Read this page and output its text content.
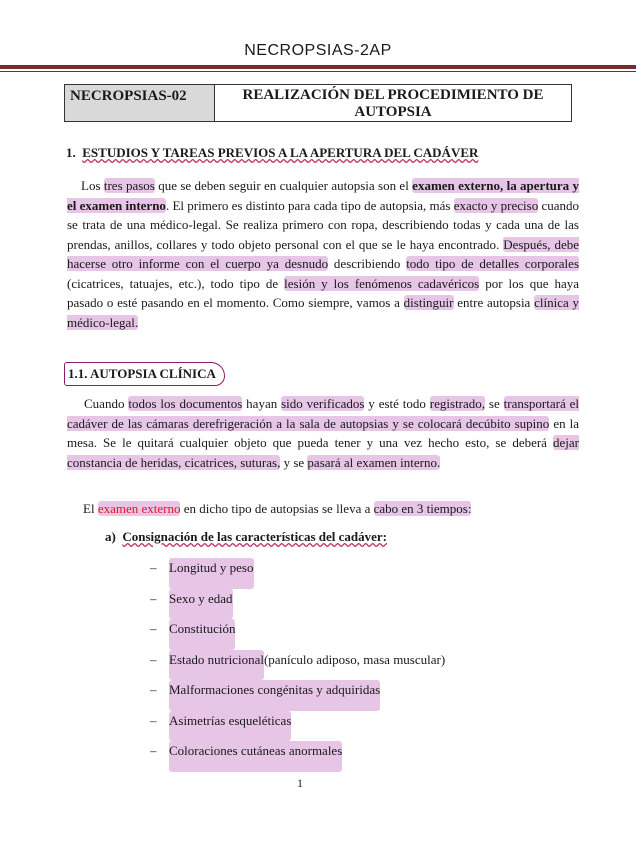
NECROPSIAS-2AP
NECROPSIAS-02	REALIZACIÓN DEL PROCEDIMIENTO DE AUTOPSIA
1. ESTUDIOS Y TAREAS PREVIOS A LA APERTURA DEL CADÁVER

Los tres pasos que se deben seguir en cualquier autopsia son el examen externo, la apertura y el examen interno. El primero es distinto para cada tipo de autopsia, más exacto y preciso cuando se trata de una médico-legal. Se realiza primero con ropa, describiendo todas y cada una de las prendas, anillos, collares y todo objeto personal con el que se le haya encontrado. Después, debe hacerse otro informe con el cuerpo ya desnudo describiendo todo tipo de detalles corporales (cicatrices, tatuajes, etc.), todo tipo de lesión y los fenómenos cadavéricos por los que haya pasado o esté pasando en el momento. Como siempre, vamos a distinguir entre autopsia clínica y médico-legal.

1.1. AUTOPSIA CLÍNICA

Cuando todos los documentos hayan sido verificados y esté todo registrado, se transportará el cadáver de las cámaras derefrigeración a la sala de autopsias y se colocará decúbito supino en la mesa. Se le quitará cualquier objeto que pueda tener y una vez hecho esto, se deberá dejar constancia de heridas, cicatrices, suturas, y se pasará al examen interno.

El examen externo en dicho tipo de autopsias se lleva a cabo en 3 tiempos:

a) Consignación de las características del cadáver:
– Longitud y peso
– Sexo y edad
– Constitución
– Estado nutricional (panículo adiposo, masa muscular)
– Malformaciones congénitas y adquiridas
– Asimetrías esqueléticas
– Coloraciones cutáneas anormales
1
